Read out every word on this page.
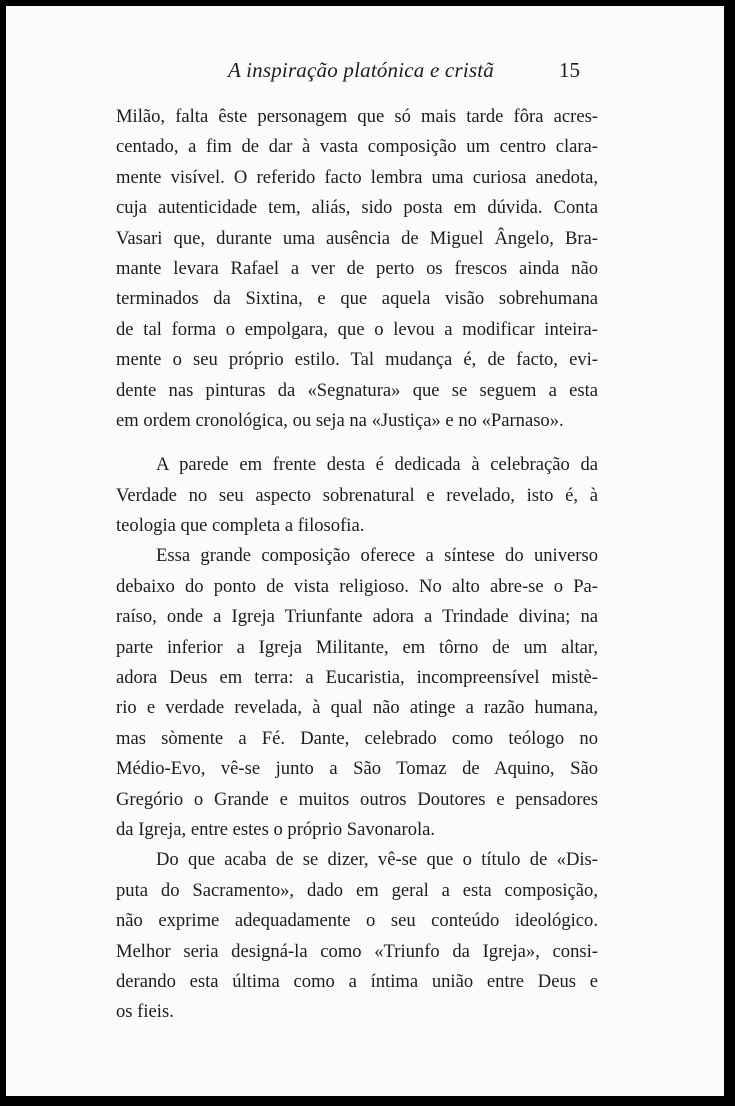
A inspiração platónica e cristã	15
Milão, falta êste personagem que só mais tarde fôra acres-
centado, a fim de dar à vasta composição um centro clara-
mente visível. O referido facto lembra uma curiosa anedota,
cuja autenticidade tem, aliás, sido posta em dúvida. Conta
Vasari que, durante uma ausência de Miguel Ângelo, Bra-
mante levara Rafael a ver de perto os frescos ainda não
terminados da Sixtina, e que aquela visão sobrehumana
de tal forma o empolgara, que o levou a modificar inteira-
mente o seu próprio estilo. Tal mudança é, de facto, evi-
dente nas pinturas da «Segnatura» que se seguem a esta
em ordem cronológica, ou seja na «Justiça» e no «Parnaso».
A parede em frente desta é dedicada à celebração da
Verdade no seu aspecto sobrenatural e revelado, isto é, à
teologia que completa a filosofia.
Essa grande composição oferece a síntese do universo
debaixo do ponto de vista religioso. No alto abre-se o Pa-
raíso, onde a Igreja Triunfante adora a Trindade divina; na
parte inferior a Igreja Militante, em tôrno de um altar,
adora Deus em terra: a Eucaristia, incompreensível mistè-
rio e verdade revelada, à qual não atinge a razão humana,
mas sòmente a Fé. Dante, celebrado como teólogo no
Médio-Evo, vê-se junto a São Tomaz de Aquino, São
Gregório o Grande e muitos outros Doutores e pensadores
da Igreja, entre estes o próprio Savonarola.
Do que acaba de se dizer, vê-se que o título de «Dis-
puta do Sacramento», dado em geral a esta composição,
não exprime adequadamente o seu conteúdo ideológico.
Melhor seria designá-la como «Triunfo da Igreja», consi-
derando esta última como a íntima união entre Deus e
os fieis.
